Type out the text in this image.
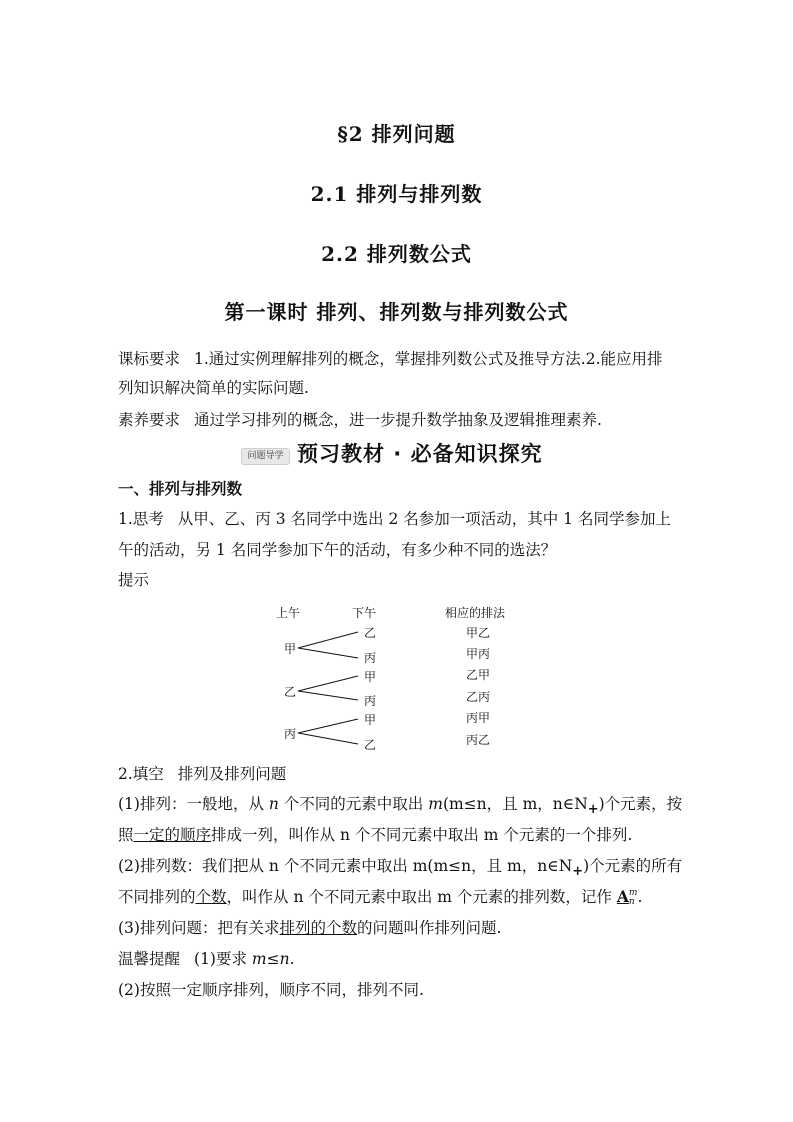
§2 排列问题
2.1 排列与排列数
2.2 排列数公式
第一课时 排列、排列数与排列数公式
课标要求 1.通过实例理解排列的概念，掌握排列数公式及推导方法.2.能应用排
列知识解决简单的实际问题.
素养要求 通过学习排列的概念，进一步提升数学抽象及逻辑推理素养.
问题导学 预习教材 · 必备知识探究
一、排列与排列数
1.思考 从甲、乙、丙 3 名同学中选出 2 名参加一项活动，其中 1 名同学参加上
午的活动，另 1 名同学参加下午的活动，有多少种不同的选法？
提示
上午	下午	相应的排法
甲
乙
丙
乙
丙
甲
丙
甲
乙
甲乙
甲丙
乙甲
乙丙
丙甲
丙乙
2.填空 排列及排列问题
(1)排列：一般地，从 n 个不同的元素中取出 m(m≤n，且 m，$n\in N_+$)个元素，按
照一定的顺序排成一列，叫作从 n 个不同元素中取出 m 个元素的一个排列.
(2)排列数：我们把从 n 个不同元素中取出 m(m≤n，且 m，$n\in N_+$)个元素的所有
不同排列的个数，叫作从 n 个不同元素中取出 m 个元素的排列数，记作 A m
n .
(3)排列问题：把有关求排列的个数的问题叫作排列问题.
温馨提醒 (1)要求 m≤n.
(2)按照一定顺序排列，顺序不同，排列不同.
